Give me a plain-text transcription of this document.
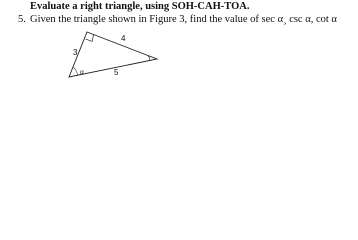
Evaluate a right triangle, using SOH-CAH-TOA.
5. Given the triangle shown in Figure 3, find the value of sec α¸ csc α, cot α
3
4
5
α
